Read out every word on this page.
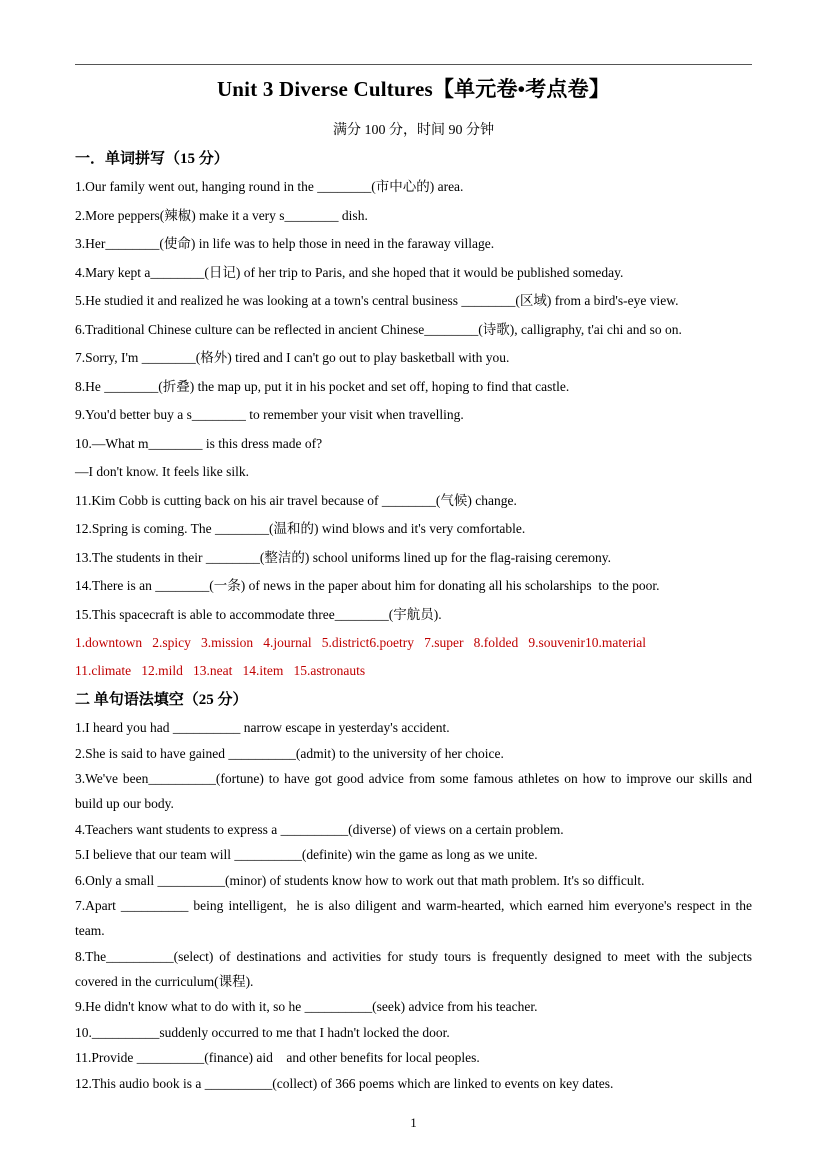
Unit 3 Diverse Cultures【单元卷•考点卷】
满分 100 分，时间 90 分钟
一．单词拼写（15 分）

1.Our family went out, hanging round in the ________(市中心的) area.

2.More peppers(辣椒) make it a very s________ dish.

3.Her________(使命) in life was to help those in need in the faraway village.

4.Mary kept a________(日记) of her trip to Paris, and she hoped that it would be published someday.

5.He studied it and realized he was looking at a town's central business ________(区域) from a bird's-eye view.

6.Traditional Chinese culture can be reflected in ancient Chinese________(诗歌), calligraphy, t'ai chi and so on.

7.Sorry, I'm ________(格外) tired and I can't go out to play basketball with you.

8.He ________(折叠) the map up, put it in his pocket and set off, hoping to find that castle.

9.You'd better buy a s________ to remember your visit when travelling.

10.—What m________ is this dress made of?

—I don't know. It feels like silk.

11.Kim Cobb is cutting back on his air travel because of ________(气候) change.

12.Spring is coming. The ________(温和的) wind blows and it's very comfortable.

13.The students in their ________(整洁的) school uniforms lined up for the flag-raising ceremony.

14.There is an ________(一条) of news in the paper about him for donating all his scholarships  to the poor.

15.This spacecraft is able to accommodate three________(宇航员).

1.downtown   2.spicy   3.mission   4.journal   5.district6.poetry   7.super   8.folded   9.souvenir10.material

11.climate   12.mild   13.neat   14.item   15.astronauts

二 单句语法填空（25 分）

1.I heard you had __________ narrow escape in yesterday's accident.

2.She is said to have gained __________(admit) to the university of her choice.

3.We've been__________(fortune) to have got good advice from some famous athletes on how to improve our skills and build up our body.

4.Teachers want students to express a __________(diverse) of views on a certain problem.

5.I believe that our team will __________(definite) win the game as long as we unite.

6.Only a small __________(minor) of students know how to work out that math problem. It's so difficult.

7.Apart __________ being intelligent,  he is also diligent and warm-hearted, which earned him everyone's respect in the team.

8.The__________(select) of destinations and activities for study tours is frequently designed to meet with the subjects covered in the curriculum(课程).

9.He didn't know what to do with it, so he __________(seek) advice from his teacher.

10.__________suddenly occurred to me that I hadn't locked the door.

11.Provide __________(finance) aid    and other benefits for local peoples.

12.This audio book is a __________(collect) of 366 poems which are linked to events on key dates.

1
